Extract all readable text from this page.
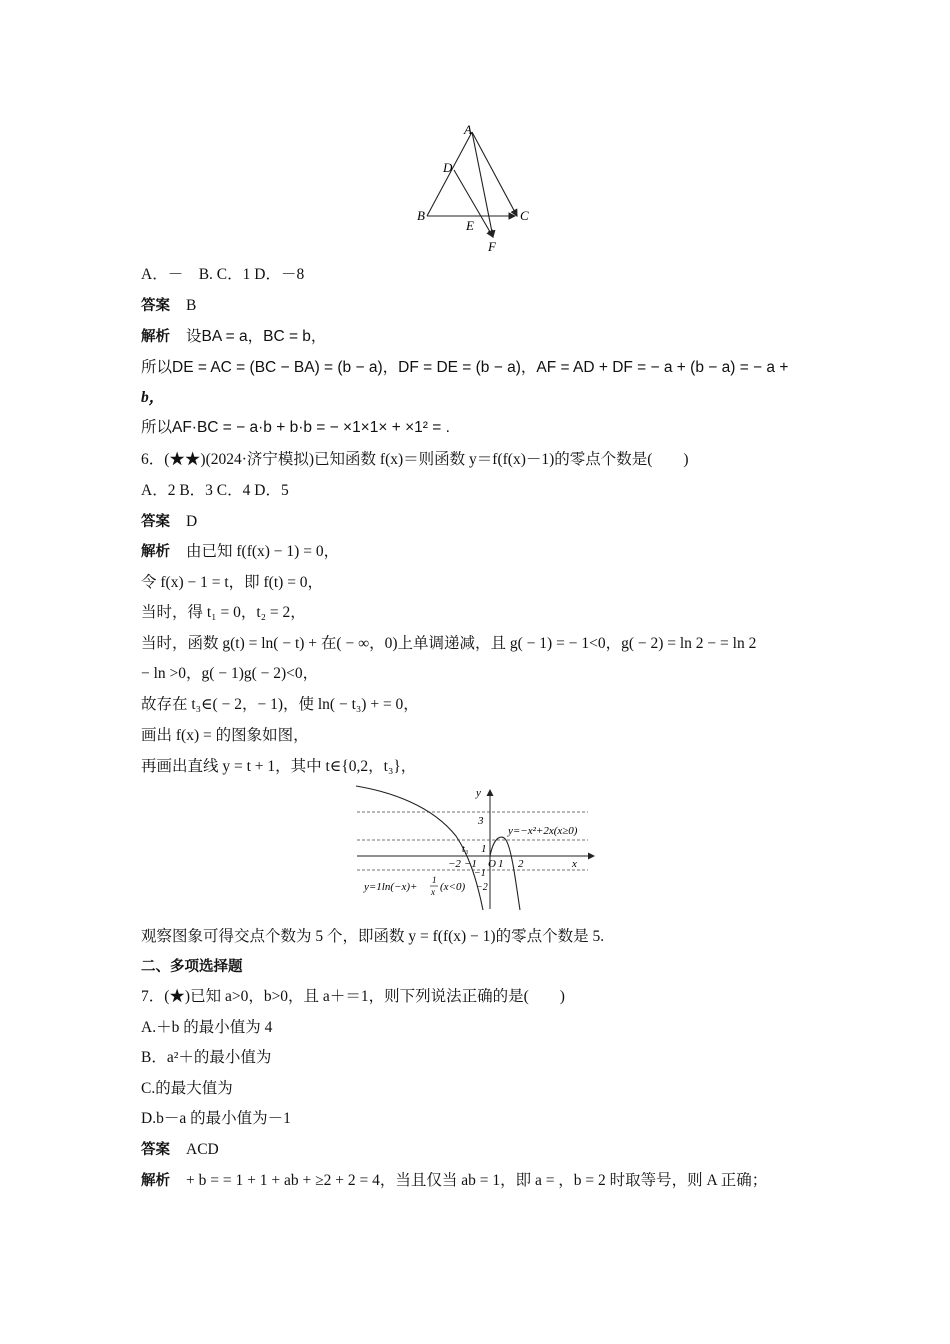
A
D
B
E
C
F
A．－　B. C．1 D．－8
答案 B
解析 设BA = a，BC = b，
所以DE = AC = (BC − BA) = (b − a)，DF = DE = (b − a)，AF = AD + DF = − a + (b − a) = − a +
b，
所以AF·BC = − a·b + b·b = − ×1×1× + ×1² = .
6．(★★)(2024·济宁模拟)已知函数 f(x)＝则函数 y＝f(f(x)－1)的零点个数是(　　)
A．2 B．3 C．4 D．5
答案 D
解析 由已知 f(f(x) − 1) = 0，
令 f(x) − 1 = t，即 f(t) = 0，
当时，得 t₁ = 0，t₂ = 2，
当时，函数 g(t) = ln( − t) + 在( − ∞，0)上单调递减，且 g( − 1) = − 1<0，g( − 2) = ln 2 − = ln 2
− ln >0，g( − 1)g( − 2)<0，
故存在 t₃∈( − 2，− 1)，使 ln( − t₃) + = 0，
画出 f(x) = 的图象如图，
再画出直线 y = t + 1，其中 t∈{0,2，t₃}，
y
x
3
1
−1
−2
−2 −1 O 1 2
t₃
y=−x²+2x(x≥0)
y=1ln(−x)+
1
x (x<0)
观察图象可得交点个数为 5 个，即函数 y = f(f(x) − 1)的零点个数是 5.
二、多项选择题
7．(★)已知 a>0，b>0，且 a＋＝1，则下列说法正确的是(　　)
A.＋b 的最小值为 4
B．a²＋的最小值为
C.的最大值为
D.b－a 的最小值为－1
答案 ACD
解析 + b = = 1 + 1 + ab + ≥2 + 2 = 4，当且仅当 ab = 1，即 a = ，b = 2 时取等号，则 A 正确；
